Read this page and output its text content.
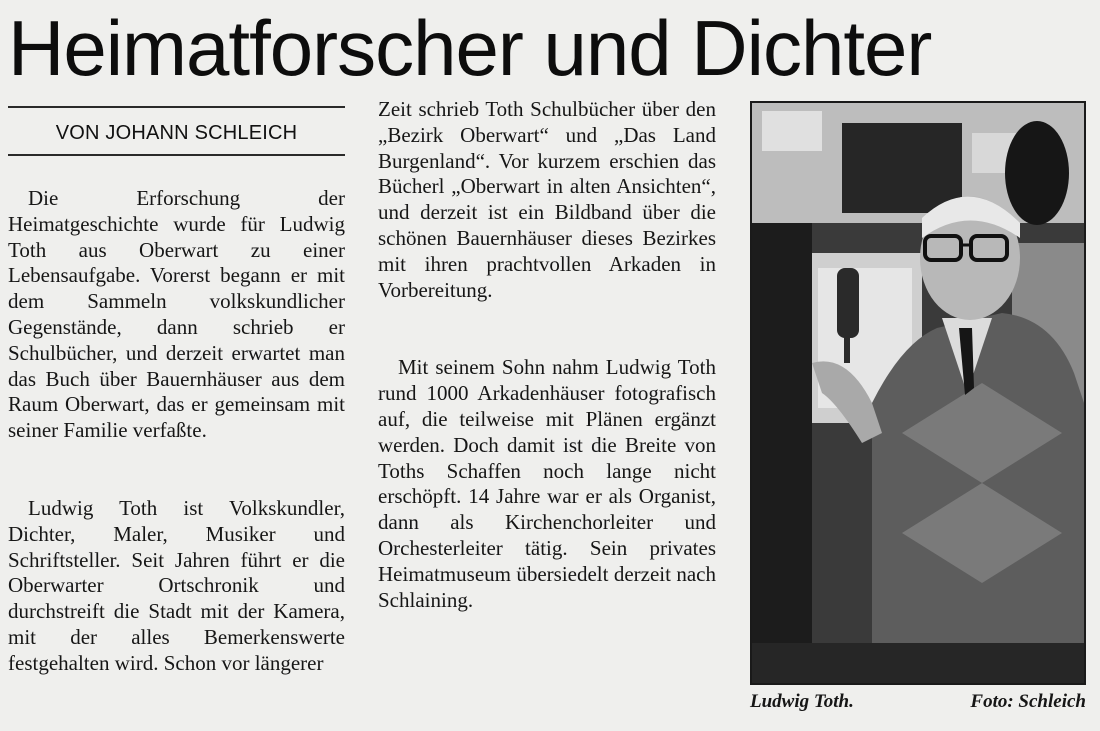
Heimatforscher und Dichter
VON JOHANN SCHLEICH

Die Erforschung der Heimatgeschichte wurde für Ludwig Toth aus Oberwart zu einer Lebensaufgabe. Vorerst begann er mit dem Sammeln volkskundlicher Gegenstände, dann schrieb er Schulbücher, und derzeit erwartet man das Buch über Bauernhäuser aus dem Raum Oberwart, das er gemeinsam mit seiner Familie verfaßte.

Ludwig Toth ist Volkskundler, Dichter, Maler, Musiker und Schriftsteller. Seit Jahren führt er die Oberwarter Ortschronik und durchstreift die Stadt mit der Kamera, mit der alles Bemerkenswerte festgehalten wird. Schon vor längerer

Zeit schrieb Toth Schulbücher über den „Bezirk Oberwart“ und „Das Land Burgenland“. Vor kurzem erschien das Bücherl „Oberwart in alten Ansichten“, und derzeit ist ein Bildband über die schönen Bauernhäuser dieses Bezirkes mit ihren prachtvollen Arkaden in Vorbereitung.

Mit seinem Sohn nahm Ludwig Toth rund 1000 Arkadenhäuser fotografisch auf, die teilweise mit Plänen ergänzt werden. Doch damit ist die Breite von Toths Schaffen noch lange nicht erschöpft. 14 Jahre war er als Organist, dann als Kirchenchorleiter und Orchesterleiter tätig. Sein privates Heimatmuseum übersiedelt derzeit nach Schlaining.

Ludwig Toth.	Foto: Schleich
